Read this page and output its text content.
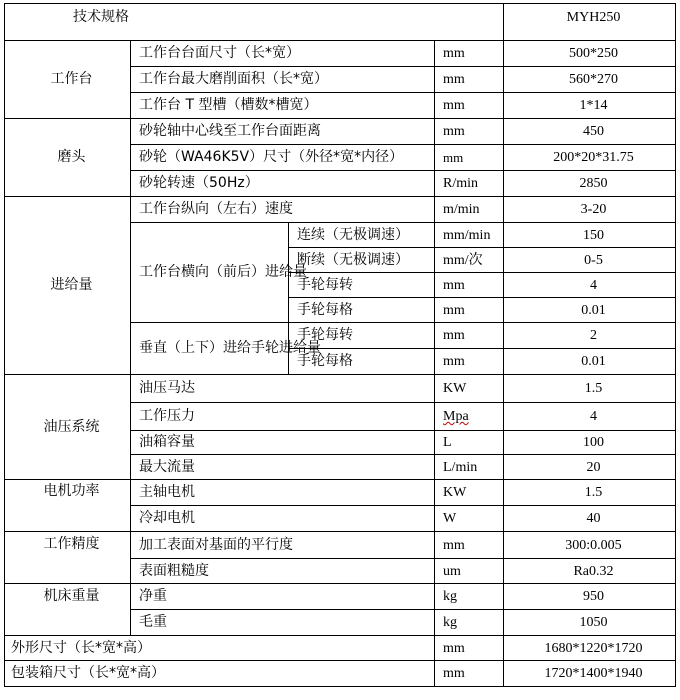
技术规格				MYH250
工作台	工作台台面尺寸（长*宽）		mm	500*250
	工作台最大磨削面积（长*宽）		mm	560*270
	工作台 T 型槽（槽数*槽宽）		mm	1*14
磨头	砂轮轴中心线至工作台面距离		mm	450
	砂轮（WA46K5V）尺寸（外径*宽*内径）		mm	200*20*31.75
	砂轮转速（50Hz）		R/min	2850
进给量	工作台纵向（左右）速度		m/min	3-20
	工作台横向（前后）进给量	连续（无极调速）	mm/min	150
		断续（无极调速）	mm/次	0-5
		手轮每转	mm	4
		手轮每格	mm	0.01
	垂直（上下）进给手轮进给量	手轮每转	mm	2
		手轮每格	mm	0.01
油压系统	油压马达		KW	1.5
	工作压力		Mpa	4
	油箱容量		L	100
	最大流量		L/min	20
电机功率	主轴电机		KW	1.5
	冷却电机		W	40
工作精度	加工表面对基面的平行度		mm	300:0.005
	表面粗糙度		um	Ra0.32
机床重量	净重		kg	950
	毛重		kg	1050
外形尺寸（长*宽*高）			mm	1680*1220*1720
包装箱尺寸（长*宽*高）			mm	1720*1400*1940
